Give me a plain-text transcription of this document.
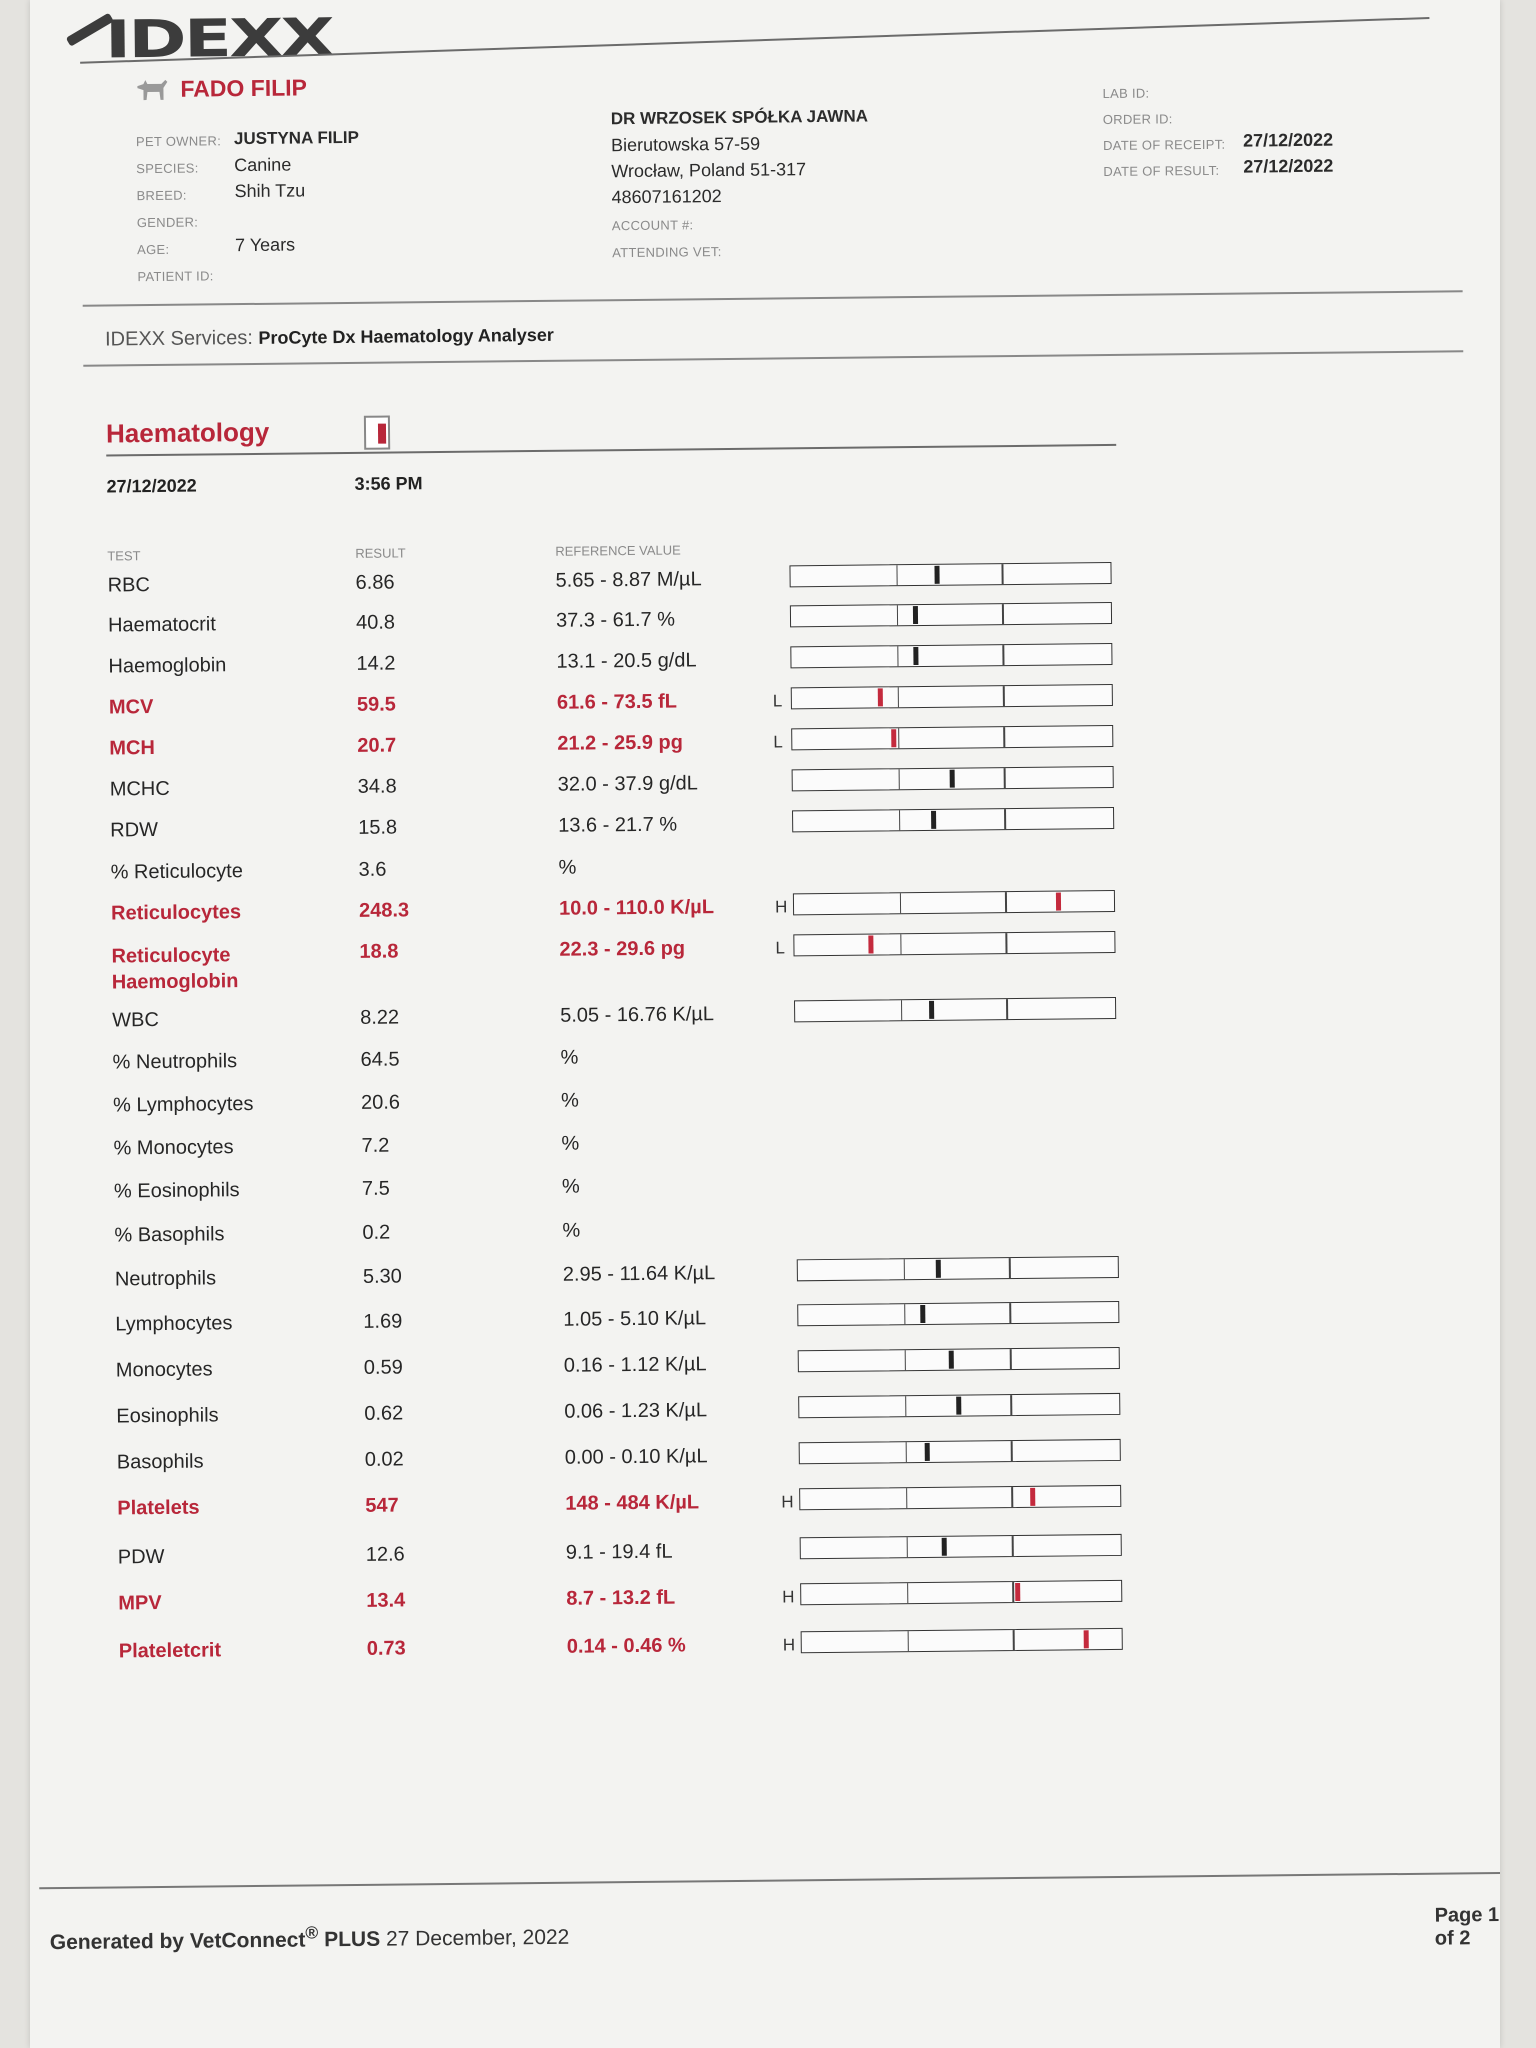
IDEXX
FADO FILIP
PET OWNER: JUSTYNA FILIP
SPECIES: Canine
BREED:	Shih Tzu
GENDER:
AGE:	7 Years
PATIENT ID:
DR WRZOSEK SPÓŁKA JAWNA
Bierutowska 57-59
Wrocław, Poland 51-317
48607161202
ACCOUNT #:
ATTENDING VET:
LAB ID:
ORDER ID:
DATE OF RECEIPT: 27/12/2022
DATE OF RESULT: 27/12/2022
IDEXX Services: ProCyte Dx Haematology Analyser
Haematology
27/12/2022	3:56 PM
TEST	RESULT	REFERENCE VALUE
RBC	6.86	5.65 - 8.87 M/µL
Haematocrit	40.8	37.3 - 61.7 %
Haemoglobin	14.2	13.1 - 20.5 g/dL
MCV	59.5	61.6 - 73.5 fL	L
MCH	20.7	21.2 - 25.9 pg	L
MCHC	34.8	32.0 - 37.9 g/dL
RDW	15.8	13.6 - 21.7 %
% Reticulocyte	3.6	%
Reticulocytes	248.3	10.0 - 110.0 K/µL	H
Reticulocyte Haemoglobin
18.8	22.3 - 29.6 pg	L
WBC	8.22	5.05 - 16.76 K/µL
% Neutrophils	64.5	%
% Lymphocytes	20.6	%
% Monocytes	7.2	%
% Eosinophils	7.5	%
% Basophils	0.2	%
Neutrophils	5.30	2.95 - 11.64 K/µL
Lymphocytes	1.69	1.05 - 5.10 K/µL
Monocytes	0.59	0.16 - 1.12 K/µL
Eosinophils	0.62	0.06 - 1.23 K/µL
Basophils	0.02	0.00 - 0.10 K/µL
Platelets	547	148 - 484 K/µL	H
PDW	12.6	9.1 - 19.4 fL
MPV	13.4	8.7 - 13.2 fL	H
Plateletcrit	0.73	0.14 - 0.46 %	H
Generated by VetConnect® PLUS 27 December, 2022
Page 1 of 2
